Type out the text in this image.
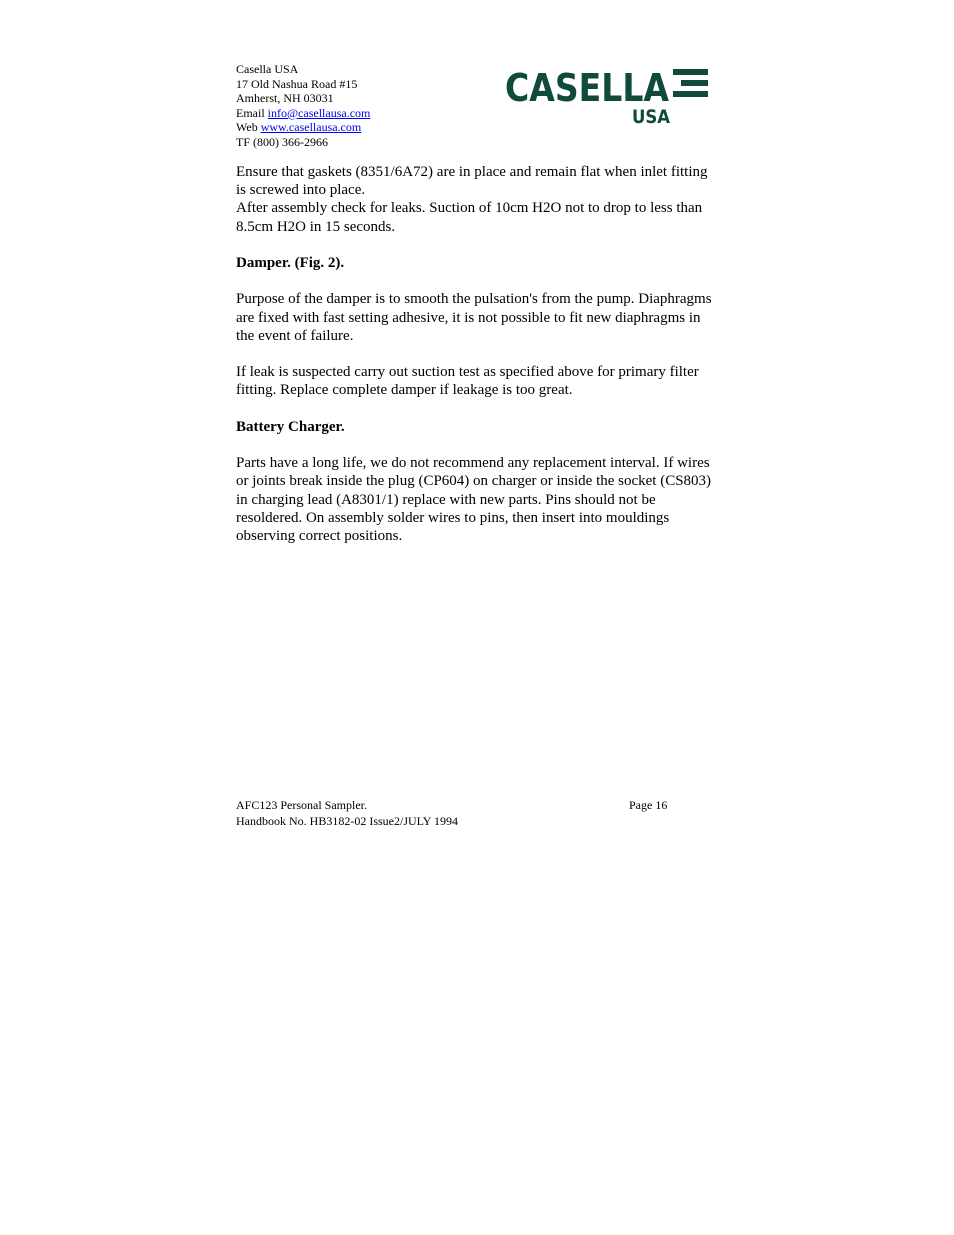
Casella USA
17 Old Nashua Road #15
Amherst, NH 03031
Email info@casellausa.com
Web www.casellausa.com
TF (800) 366-2966
CASELLA
USA

Ensure that gaskets (8351/6A72) are in place and remain flat when inlet fitting is screwed into place.

After assembly check for leaks. Suction of 10cm H2O not to drop to less than 8.5cm H2O in 15 seconds.

Damper. (Fig. 2).

Purpose of the damper is to smooth the pulsation's from the pump. Diaphragms are fixed with fast setting adhesive, it is not possible to fit new diaphragms in the event of failure.

If leak is suspected carry out suction test as specified above for primary filter fitting. Replace complete damper if leakage is too great.

Battery Charger.

Parts have a long life, we do not recommend any replacement interval. If wires or joints break inside the plug (CP604) on charger or inside the socket (CS803) in charging lead (A8301/1) replace with new parts. Pins should not be resoldered. On assembly solder wires to pins, then insert into mouldings observing correct positions.

AFC123 Personal Sampler.	Page 16
Handbook No. HB3182-02 Issue2/JULY 1994
